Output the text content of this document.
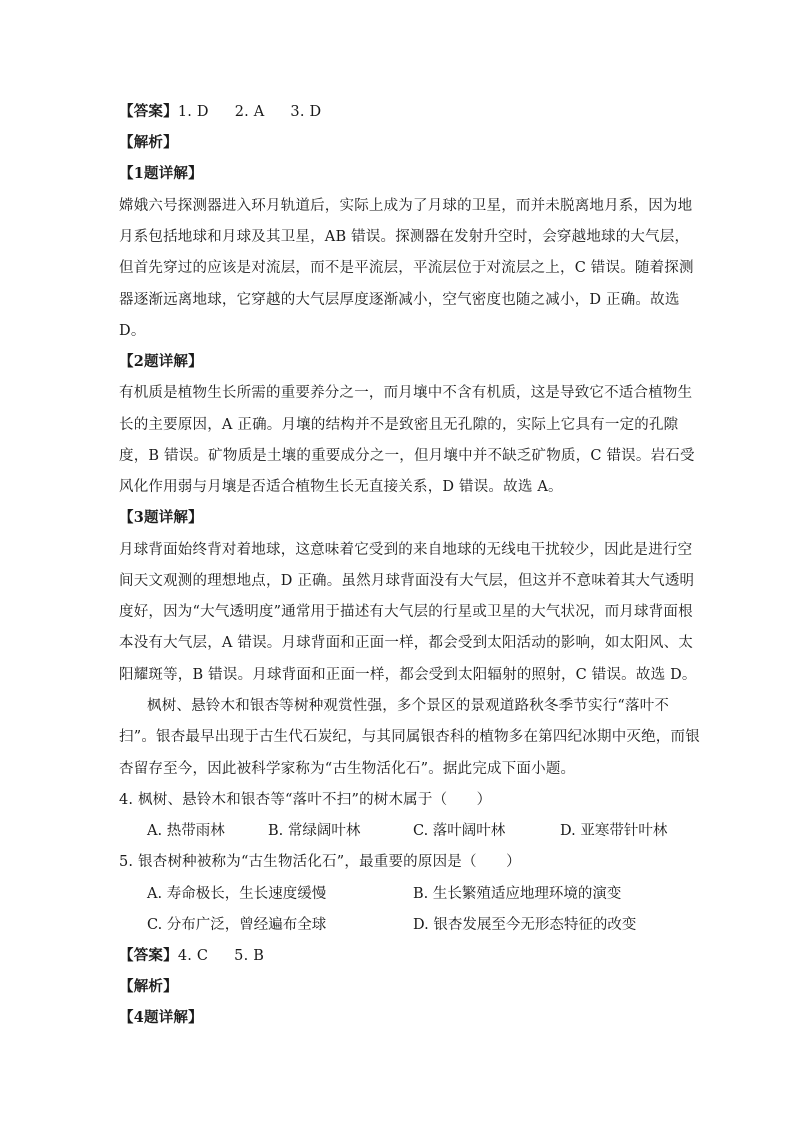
【答案】1. D 2. A 3. D
【解析】
【1题详解】
嫦娥六号探测器进入环月轨道后，实际上成为了月球的卫星，而并未脱离地月系，因为地
月系包括地球和月球及其卫星，AB 错误。探测器在发射升空时，会穿越地球的大气层，
但首先穿过的应该是对流层，而不是平流层，平流层位于对流层之上，C 错误。随着探测
器逐渐远离地球，它穿越的大气层厚度逐渐减小，空气密度也随之减小，D 正确。故选
D。
【2题详解】
有机质是植物生长所需的重要养分之一，而月壤中不含有机质，这是导致它不适合植物生
长的主要原因，A 正确。月壤的结构并不是致密且无孔隙的，实际上它具有一定的孔隙
度，B 错误。矿物质是土壤的重要成分之一，但月壤中并不缺乏矿物质，C 错误。岩石受
风化作用弱与月壤是否适合植物生长无直接关系，D 错误。故选 A。
【3题详解】
月球背面始终背对着地球，这意味着它受到的来自地球的无线电干扰较少，因此是进行空
间天文观测的理想地点，D 正确。虽然月球背面没有大气层，但这并不意味着其大气透明
度好，因为“大气透明度”通常用于描述有大气层的行星或卫星的大气状况，而月球背面根
本没有大气层，A 错误。月球背面和正面一样，都会受到太阳活动的影响，如太阳风、太
阳耀斑等，B 错误。月球背面和正面一样，都会受到太阳辐射的照射，C 错误。故选 D。
枫树、悬铃木和银杏等树种观赏性强，多个景区的景观道路秋冬季节实行“落叶不
扫”。银杏最早出现于古生代石炭纪，与其同属银杏科的植物多在第四纪冰期中灭绝，而银
杏留存至今，因此被科学家称为“古生物活化石”。据此完成下面小题。
4. 枫树、悬铃木和银杏等“落叶不扫”的树木属于（　　）
A. 热带雨林	B. 常绿阔叶林	C. 落叶阔叶林	D. 亚寒带针叶林
5. 银杏树种被称为“古生物活化石”，最重要的原因是（　　）
A. 寿命极长，生长速度缓慢	B. 生长繁殖适应地理环境的演变
C. 分布广泛，曾经遍布全球	D. 银杏发展至今无形态特征的改变
【答案】4. C 5. B
【解析】
【4题详解】
